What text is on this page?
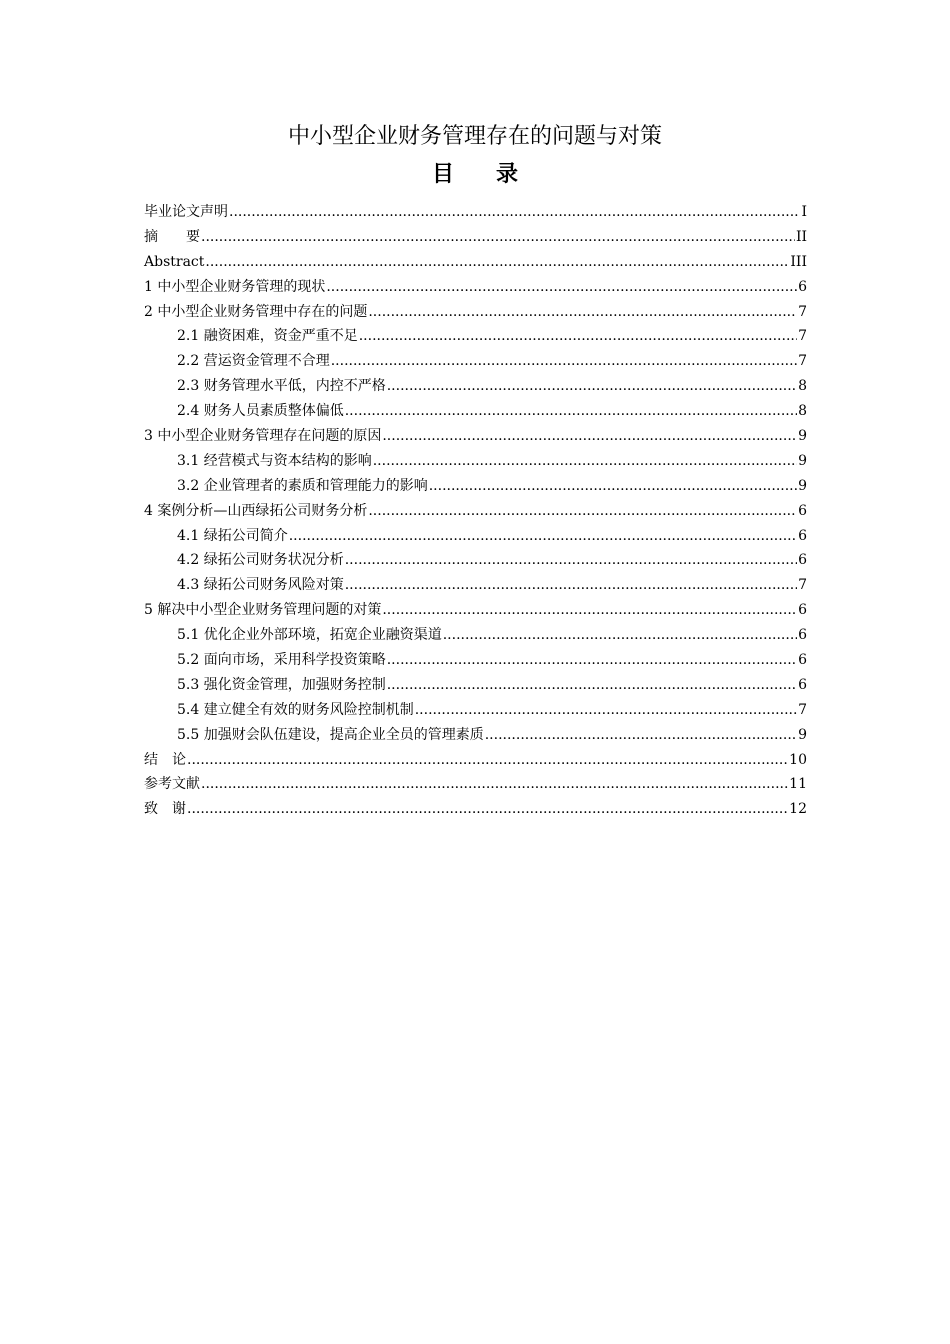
中小型企业财务管理存在的问题与对策
目录
毕业论文声明 .....	I
摘　　要 .....	II
Abstract .....	III
1 中小型企业财务管理的现状 .....	6
2 中小型企业财务管理中存在的问题 .....	7
2.1 融资困难，资金严重不足 .....	7
2.2 营运资金管理不合理 .....	7
2.3 财务管理水平低，内控不严格 .....	8
2.4 财务人员素质整体偏低 .....	8
3 中小型企业财务管理存在问题的原因 .....	9
3.1 经营模式与资本结构的影响 .....	9
3.2 企业管理者的素质和管理能力的影响 .....	9
4 案例分析—山西绿拓公司财务分析 .....	6
4.1 绿拓公司简介 .....	6
4.2 绿拓公司财务状况分析 .....	6
4.3 绿拓公司财务风险对策 .....	7
5 解决中小型企业财务管理问题的对策 .....	6
5.1 优化企业外部环境，拓宽企业融资渠道 .....	6
5.2 面向市场，采用科学投资策略 .....	6
5.3 强化资金管理，加强财务控制 .....	6
5.4 建立健全有效的财务风险控制机制 .....	7
5.5 加强财会队伍建设，提高企业全员的管理素质 .....	9
结　论 .....	10
参考文献 .....	11
致　谢 .....	12
